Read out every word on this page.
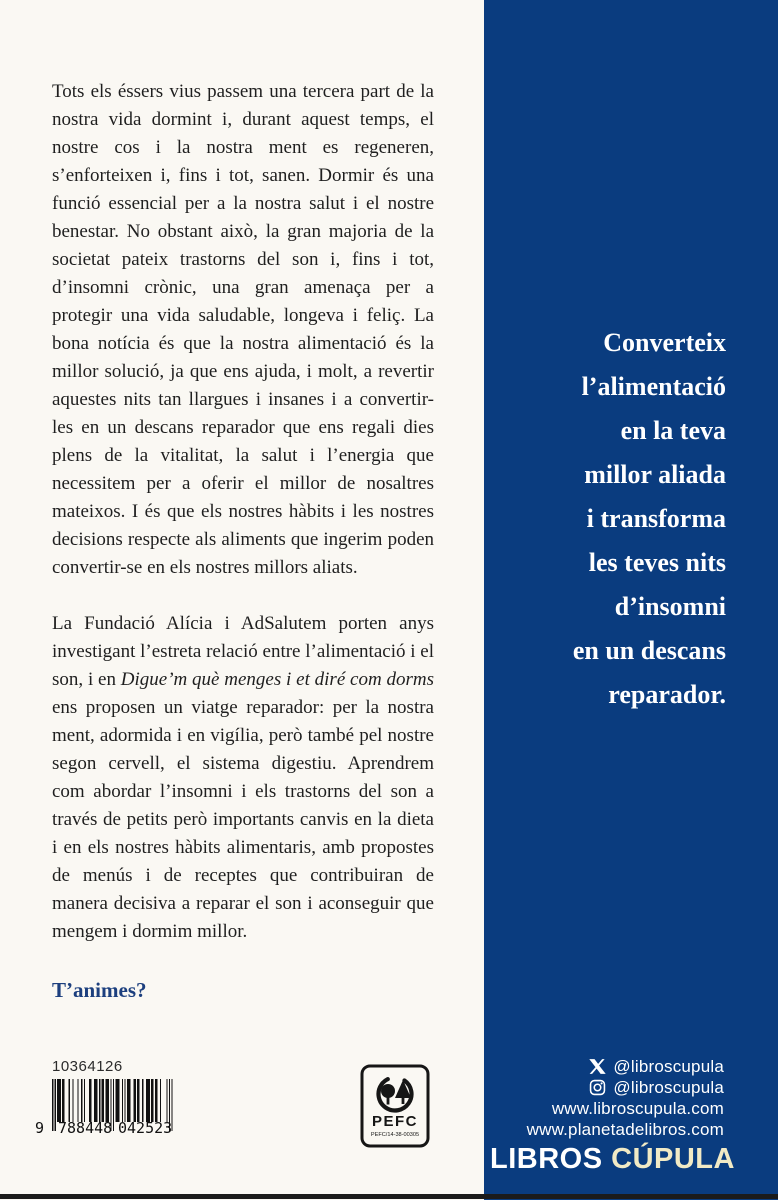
Tots els éssers vius passem una tercera part de la nostra vida dormint i, durant aquest temps, el nostre cos i la nostra ment es regeneren, s’enforteixen i, fins i tot, sanen. Dormir és una funció essencial per a la nostra salut i el nostre benestar. No obstant això, la gran majoria de la societat pateix trastorns del son i, fins i tot, d’insomni crònic, una gran amenaça per a protegir una vida saludable, longeva i feliç. La bona notícia és que la nostra alimentació és la millor solució, ja que ens ajuda, i molt, a revertir aquestes nits tan llargues i insanes i a convertir-les en un descans reparador que ens regali dies plens de la vitalitat, la salut i l’energia que necessitem per a oferir el millor de nosaltres mateixos. I és que els nostres hàbits i les nostres decisions respecte als aliments que ingerim poden convertir-se en els nostres millors aliats.

La Fundació Alícia i AdSalutem porten anys investigant l’estreta relació entre l’alimentació i el son, i en Digue’m què menges i et diré com dorms ens proposen un viatge reparador: per la nostra ment, adormida i en vigília, però també pel nostre segon cervell, el sistema digestiu. Aprendrem com abordar l’insomni i els trastorns del son a través de petits però importants canvis en la dieta i en els nostres hàbits alimentaris, amb propostes de menús i de receptes que contribuiran de manera decisiva a reparar el son i aconseguir que mengem i dormim millor.

T’animes?

Converteix
l’alimentació
en la teva
millor aliada
i transforma
les teves nits
d’insomni
en un descans
reparador.
@libroscupula
@libroscupula
www.libroscupula.com
www.planetadelibros.com
LIBROS CÚPULA
10364126
9 788448 042523	PEFC
PEFC/14-38-00305
